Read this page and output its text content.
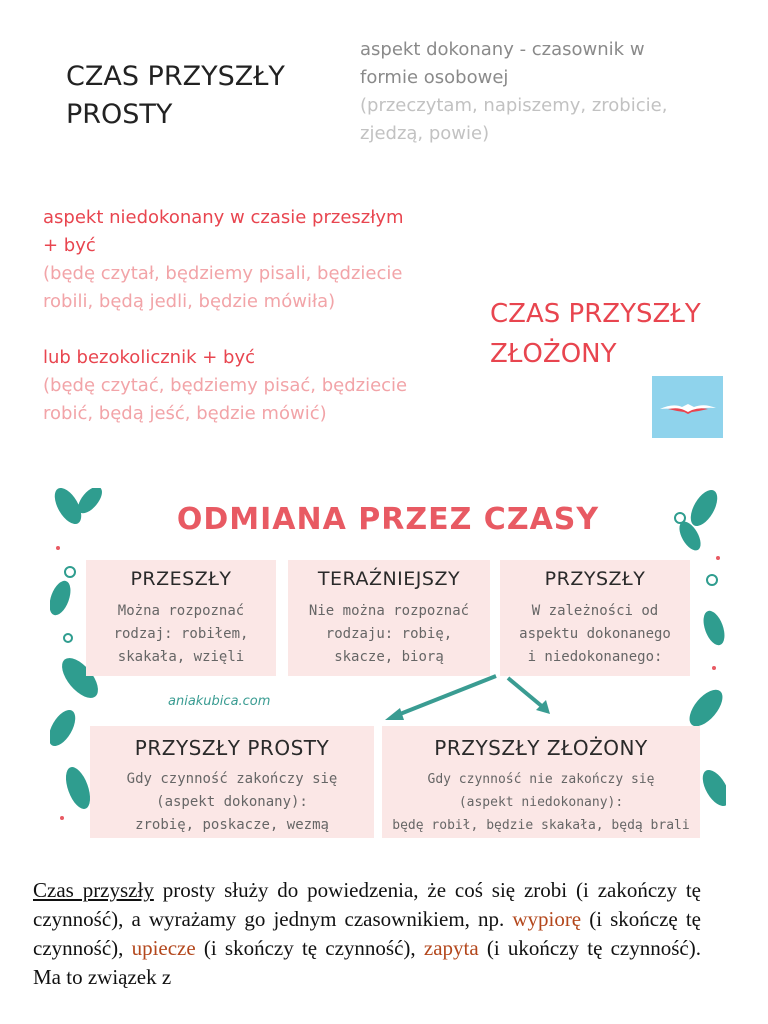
CZAS PRZYSZŁY
PROSTY
aspekt dokonany - czasownik w
formie osobowej
(przeczytam, napiszemy, zrobicie,
zjedzą, powie)
aspekt niedokonany w czasie przeszłym
+ być
(będę czytał, będziemy pisali, będziecie
robili, będą jedli, będzie mówiła)
lub bezokolicznik + być
(będę czytać, będziemy pisać, będziecie
robić, będą jeść, będzie mówić)
CZAS PRZYSZŁY
ZŁOŻONY
ODMIANA PRZEZ CZASY
PRZESZŁY
Można rozpoznać
rodzaj: robiłem,
skakała, wzięli
TERAŹNIEJSZY
Nie można rozpoznać
rodzaju: robię,
skacze, biorą
PRZYSZŁY
W zależności od
aspektu dokonanego
i niedokonanego:
aniakubica.com
PRZYSZŁY PROSTY
Gdy czynność zakończy się
(aspekt dokonany):
zrobię, poskacze, wezmą
PRZYSZŁY ZŁOŻONY
Gdy czynność nie zakończy się
(aspekt niedokonany):
będę robił, będzie skakała, będą brali
Czas przyszły prosty służy do powiedzenia, że coś się zrobi (i zakończy tę czynność), a wyrażamy go jednym czasownikiem, np. wypiorę (i skończę tę czynność), upiecze (i skończy tę czynność), zapyta (i ukończy tę czynność). Ma to związek z
